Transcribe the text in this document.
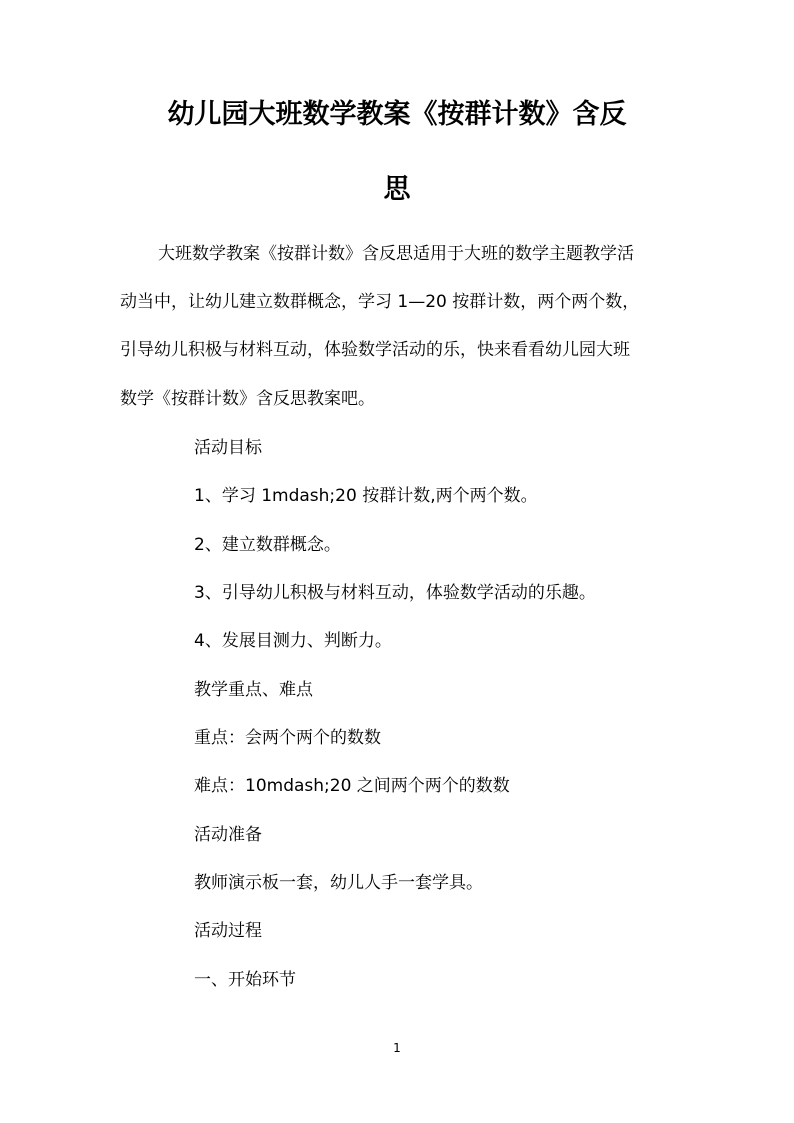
幼儿园大班数学教案《按群计数》含反
思
大班数学教案《按群计数》含反思适用于大班的数学主题教学活
动当中，让幼儿建立数群概念，学习 1—20 按群计数，两个两个数，
引导幼儿积极与材料互动，体验数学活动的乐，快来看看幼儿园大班
数学《按群计数》含反思教案吧。
活动目标
1、学习 1mdash;20 按群计数,两个两个数。
2、建立数群概念。
3、引导幼儿积极与材料互动，体验数学活动的乐趣。
4、发展目测力、判断力。
教学重点、难点
重点：会两个两个的数数
难点：10mdash;20 之间两个两个的数数
活动准备
教师演示板一套，幼儿人手一套学具。
活动过程
一、开始环节
1
